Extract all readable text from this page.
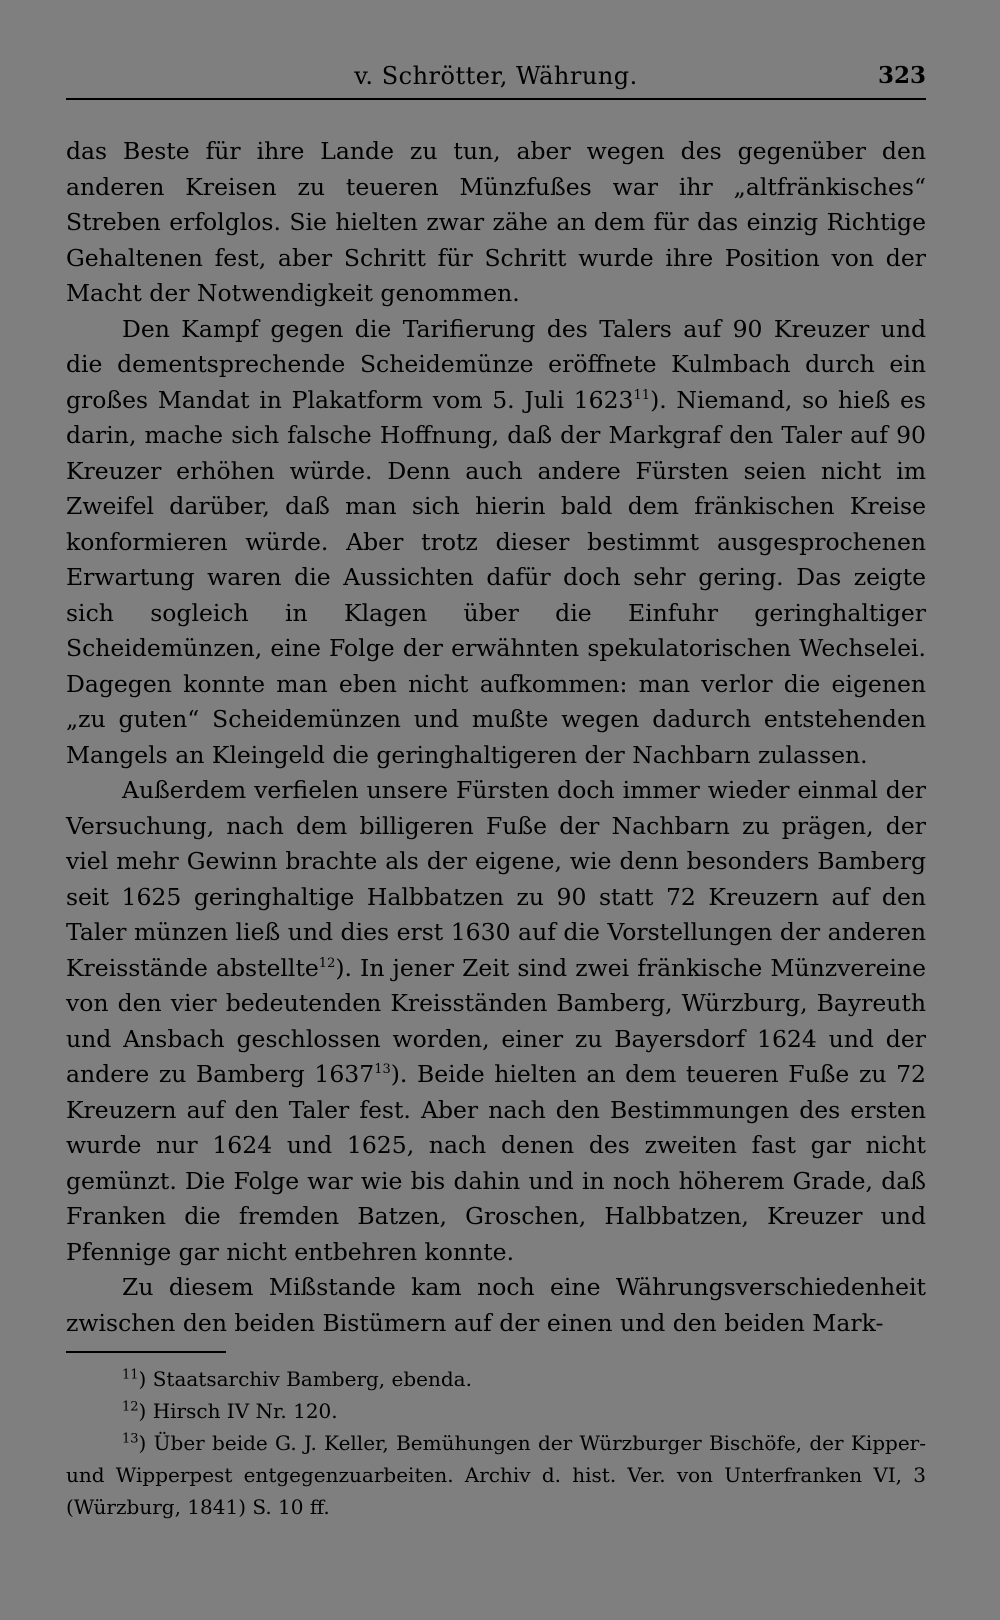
v. Schrötter, Währung.	323

das Beste für ihre Lande zu tun, aber wegen des gegenüber den anderen Kreisen zu teueren Münzfußes war ihr „altfränkisches“ Streben erfolglos. Sie hielten zwar zähe an dem für das einzig Richtige Gehaltenen fest, aber Schritt für Schritt wurde ihre Position von der Macht der Notwendigkeit genommen.

Den Kampf gegen die Tarifierung des Talers auf 90 Kreuzer und die dementsprechende Scheidemünze eröffnete Kulmbach durch ein großes Mandat in Plakatform vom 5. Juli 1623$^{11}$). Niemand, so hieß es darin, mache sich falsche Hoffnung, daß der Markgraf den Taler auf 90 Kreuzer erhöhen würde. Denn auch andere Fürsten seien nicht im Zweifel darüber, daß man sich hierin bald dem fränkischen Kreise konformieren würde. Aber trotz dieser bestimmt ausgesprochenen Erwartung waren die Aussichten dafür doch sehr gering. Das zeigte sich sogleich in Klagen über die Einfuhr geringhaltiger Scheidemünzen, eine Folge der erwähnten spekulatorischen Wechselei. Dagegen konnte man eben nicht aufkommen: man verlor die eigenen „zu guten“ Scheidemünzen und mußte wegen dadurch entstehenden Mangels an Kleingeld die geringhaltigeren der Nachbarn zulassen.

Außerdem verfielen unsere Fürsten doch immer wieder einmal der Versuchung, nach dem billigeren Fuße der Nachbarn zu prägen, der viel mehr Gewinn brachte als der eigene, wie denn besonders Bamberg seit 1625 geringhaltige Halbbatzen zu 90 statt 72 Kreuzern auf den Taler münzen ließ und dies erst 1630 auf die Vorstellungen der anderen Kreisstände abstellte$^{12}$). In jener Zeit sind zwei fränkische Münzvereine von den vier bedeutenden Kreisständen Bamberg, Würzburg, Bayreuth und Ansbach geschlossen worden, einer zu Bayersdorf 1624 und der andere zu Bamberg 1637$^{13}$). Beide hielten an dem teueren Fuße zu 72 Kreuzern auf den Taler fest. Aber nach den Bestimmungen des ersten wurde nur 1624 und 1625, nach denen des zweiten fast gar nicht gemünzt. Die Folge war wie bis dahin und in noch höherem Grade, daß Franken die fremden Batzen, Groschen, Halbbatzen, Kreuzer und Pfennige gar nicht entbehren konnte.

Zu diesem Mißstande kam noch eine Währungsverschiedenheit zwischen den beiden Bistümern auf der einen und den beiden Mark-

$^{11}$) Staatsarchiv Bamberg, ebenda.

$^{12}$) Hirsch IV Nr. 120.

$^{13}$) Über beide G. J. Keller, Bemühungen der Würzburger Bischöfe, der Kipper- und Wipperpest entgegenzuarbeiten. Archiv d. hist. Ver. von Unterfranken VI, 3 (Würzburg, 1841) S. 10 ff.
